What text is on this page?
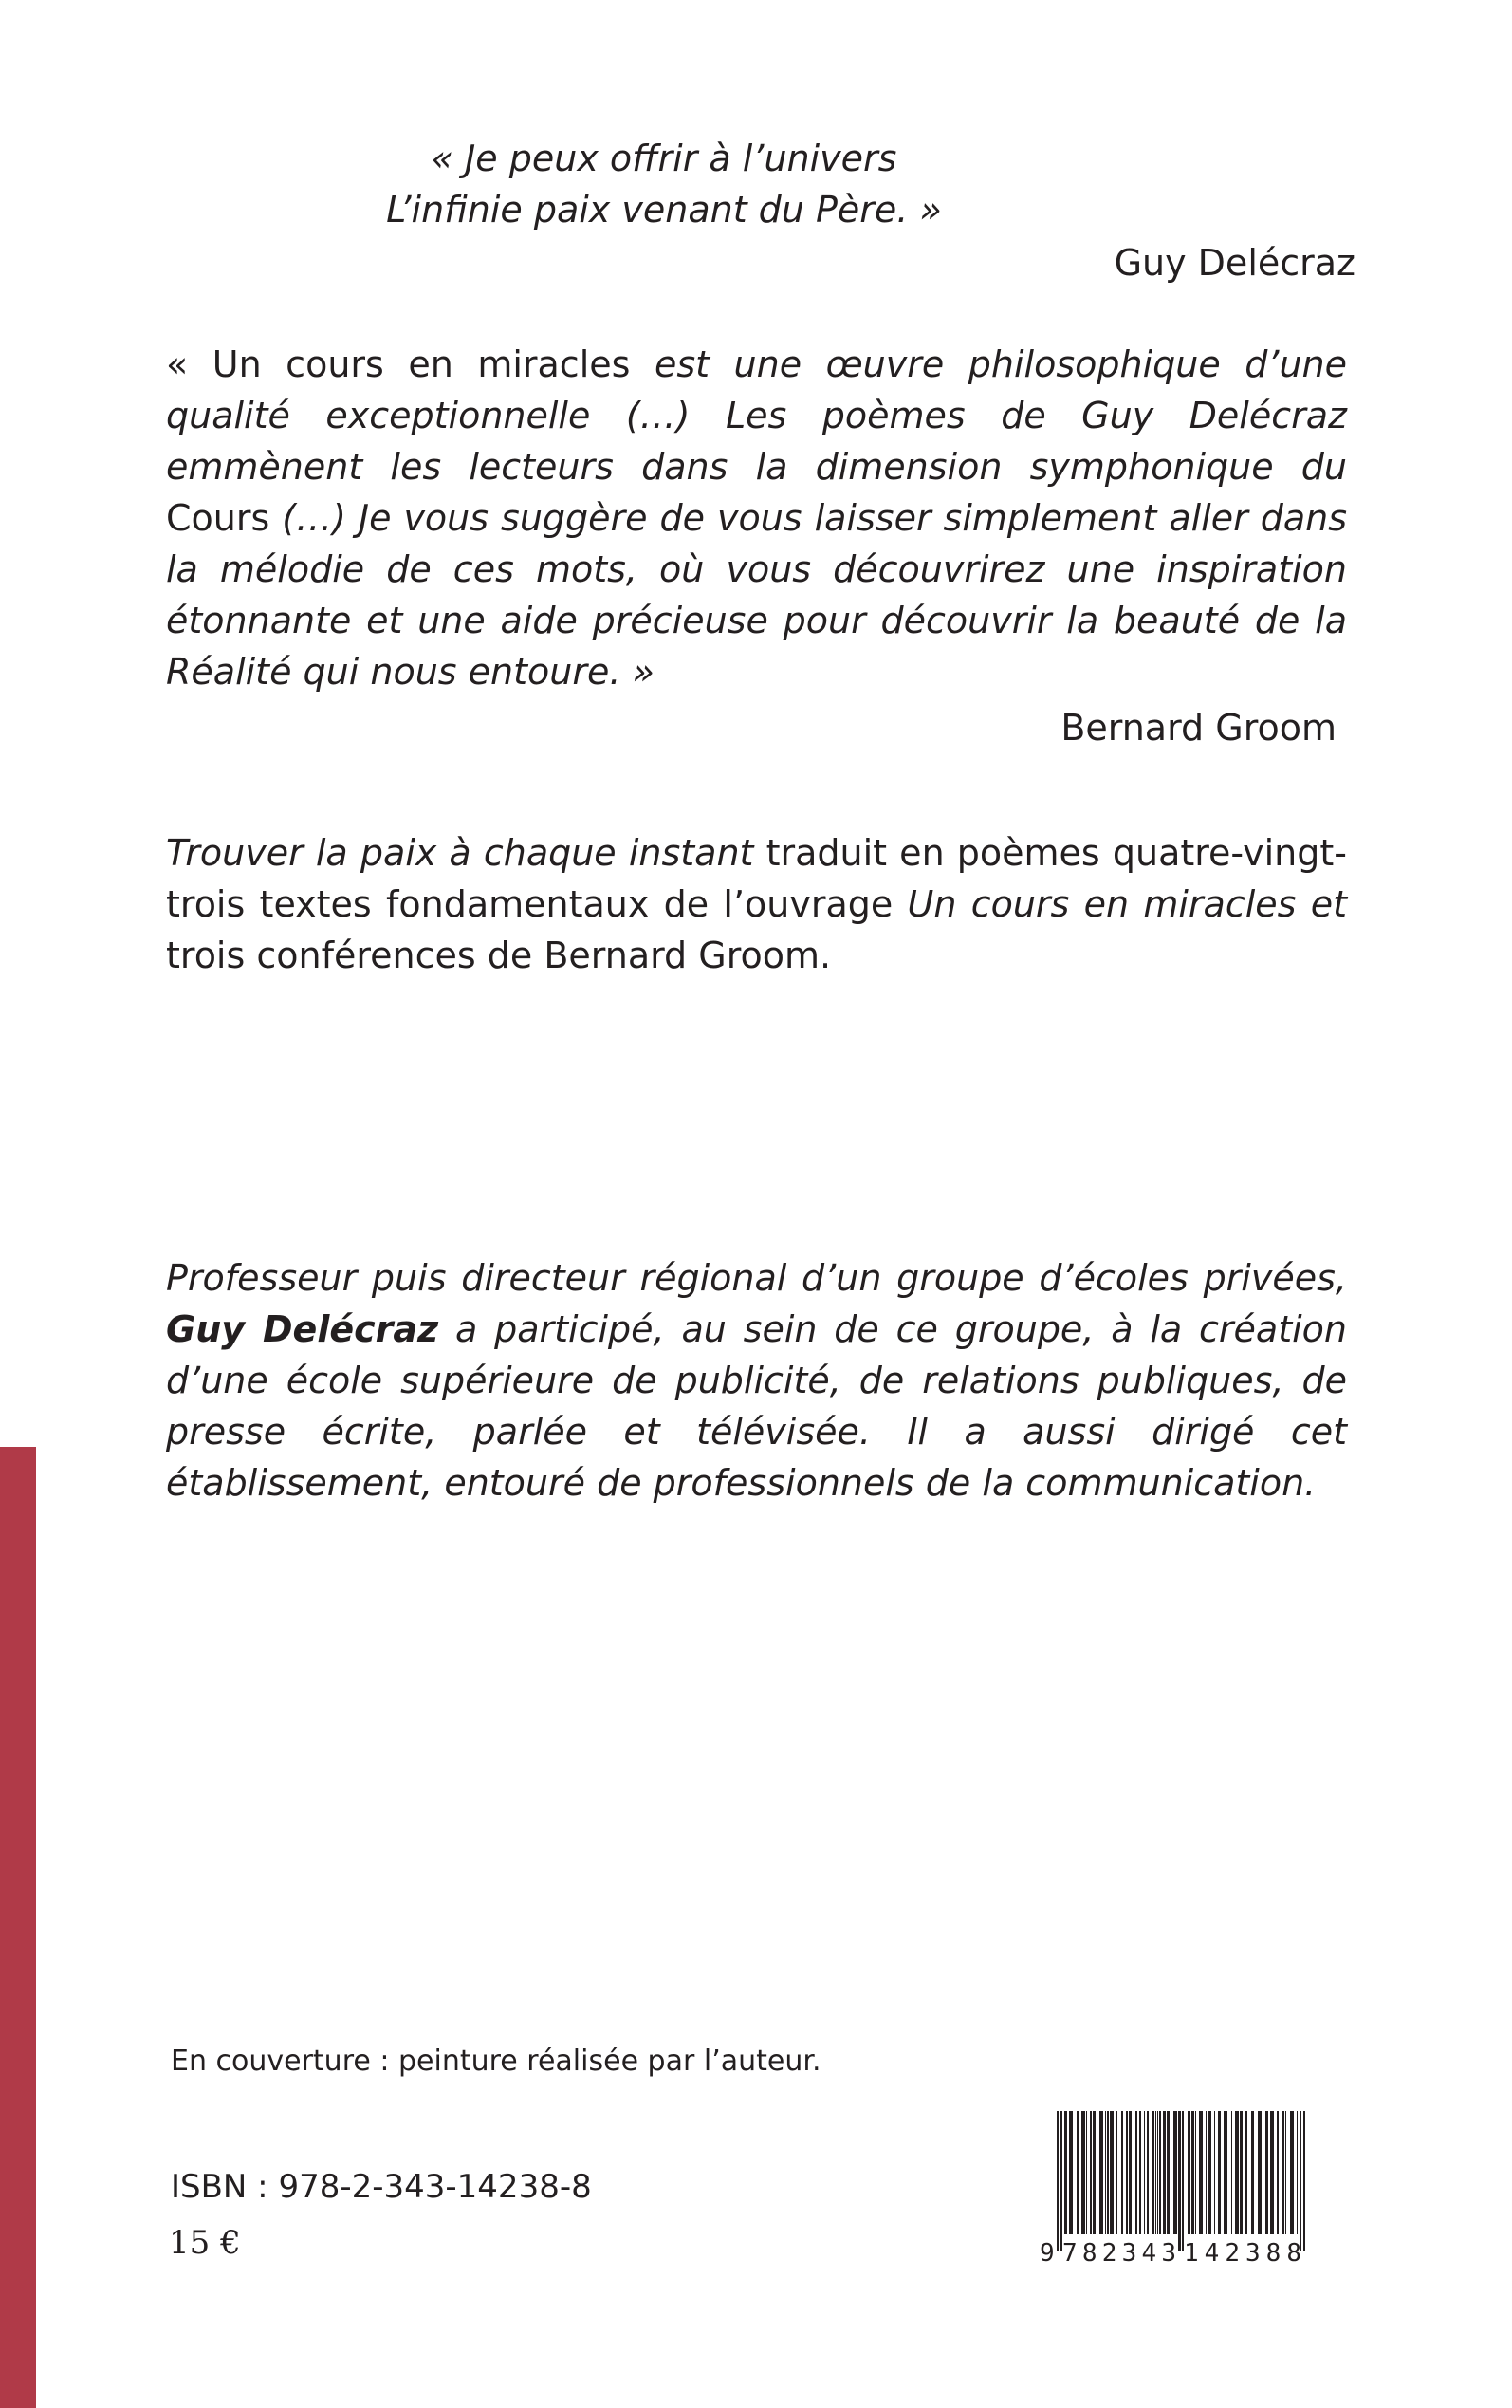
« Je peux offrir à l’univers
L’infinie paix venant du Père. »
Guy Delécraz
« Un cours en miracles est une œuvre philosophique d’une qualité exceptionnelle (…) Les poèmes de Guy Delécraz emmènent les lecteurs dans la dimension symphonique du Cours (…) Je vous suggère de vous laisser simplement aller dans la mélodie de ces mots, où vous découvrirez une inspiration étonnante et une aide précieuse pour découvrir la beauté de la Réalité qui nous entoure. »
Bernard Groom
Trouver la paix à chaque instant traduit en poèmes quatre-vingt-trois textes fondamentaux de l’ouvrage Un cours en miracles et trois conférences de Bernard Groom.
Professeur puis directeur régional d’un groupe d’écoles privées, Guy Delécraz a participé, au sein de ce groupe, à la création d’une école supérieure de publicité, de relations publiques, de presse écrite, parlée et télévisée. Il a aussi dirigé cet établissement, entouré de professionnels de la communication.
En couverture : peinture réalisée par l’auteur.
ISBN : 978-2-343-14238-8
15 €	9 782343 142388
